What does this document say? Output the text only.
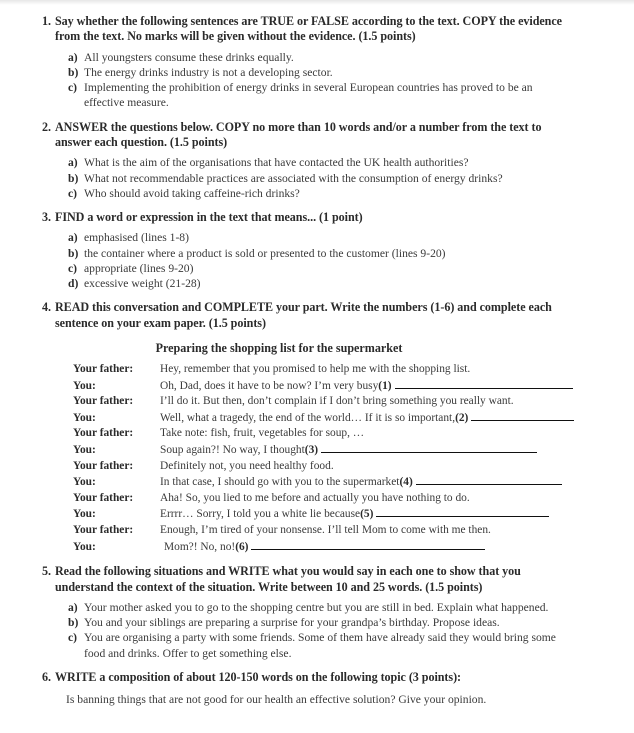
1. Say whether the following sentences are TRUE or FALSE according to the text. COPY the evidence from the text. No marks will be given without the evidence. (1.5 points)
a) All youngsters consume these drinks equally.
b) The energy drinks industry is not a developing sector.
c) Implementing the prohibition of energy drinks in several European countries has proved to be an effective measure.
2. ANSWER the questions below. COPY no more than 10 words and/or a number from the text to answer each question. (1.5 points)
a) What is the aim of the organisations that have contacted the UK health authorities?
b) What not recommendable practices are associated with the consumption of energy drinks?
c) Who should avoid taking caffeine-rich drinks?
3. FIND a word or expression in the text that means... (1 point)
a) emphasised (lines 1-8)
b) the container where a product is sold or presented to the customer (lines 9-20)
c) appropriate (lines 9-20)
d) excessive weight (21-28)
4. READ this conversation and COMPLETE your part. Write the numbers (1-6) and complete each sentence on your exam paper. (1.5 points)
Preparing the shopping list for the supermarket
Your father:	Hey, remember that you promised to help me with the shopping list.
You:	Oh, Dad, does it have to be now? I’m very busy (1)
Your father:	I’ll do it. But then, don’t complain if I don’t bring something you really want.
You:	Well, what a tragedy, the end of the world… If it is so important, (2)
Your father:	Take note: fish, fruit, vegetables for soup, …
You:	Soup again?! No way, I thought (3)
Your father:	Definitely not, you need healthy food.
You:	In that case, I should go with you to the supermarket (4)
Your father:	Aha! So, you lied to me before and actually you have nothing to do.
You:	Errrr… Sorry, I told you a white lie because (5)
Your father:	Enough, I’m tired of your nonsense. I’ll tell Mom to come with me then.
You:	Mom?! No, no! (6)
5. Read the following situations and WRITE what you would say in each one to show that you understand the context of the situation. Write between 10 and 25 words. (1.5 points)
a) Your mother asked you to go to the shopping centre but you are still in bed. Explain what happened.
b) You and your siblings are preparing a surprise for your grandpa’s birthday. Propose ideas.
c) You are organising a party with some friends. Some of them have already said they would bring some food and drinks. Offer to get something else.
6. WRITE a composition of about 120-150 words on the following topic (3 points):
Is banning things that are not good for our health an effective solution? Give your opinion.
